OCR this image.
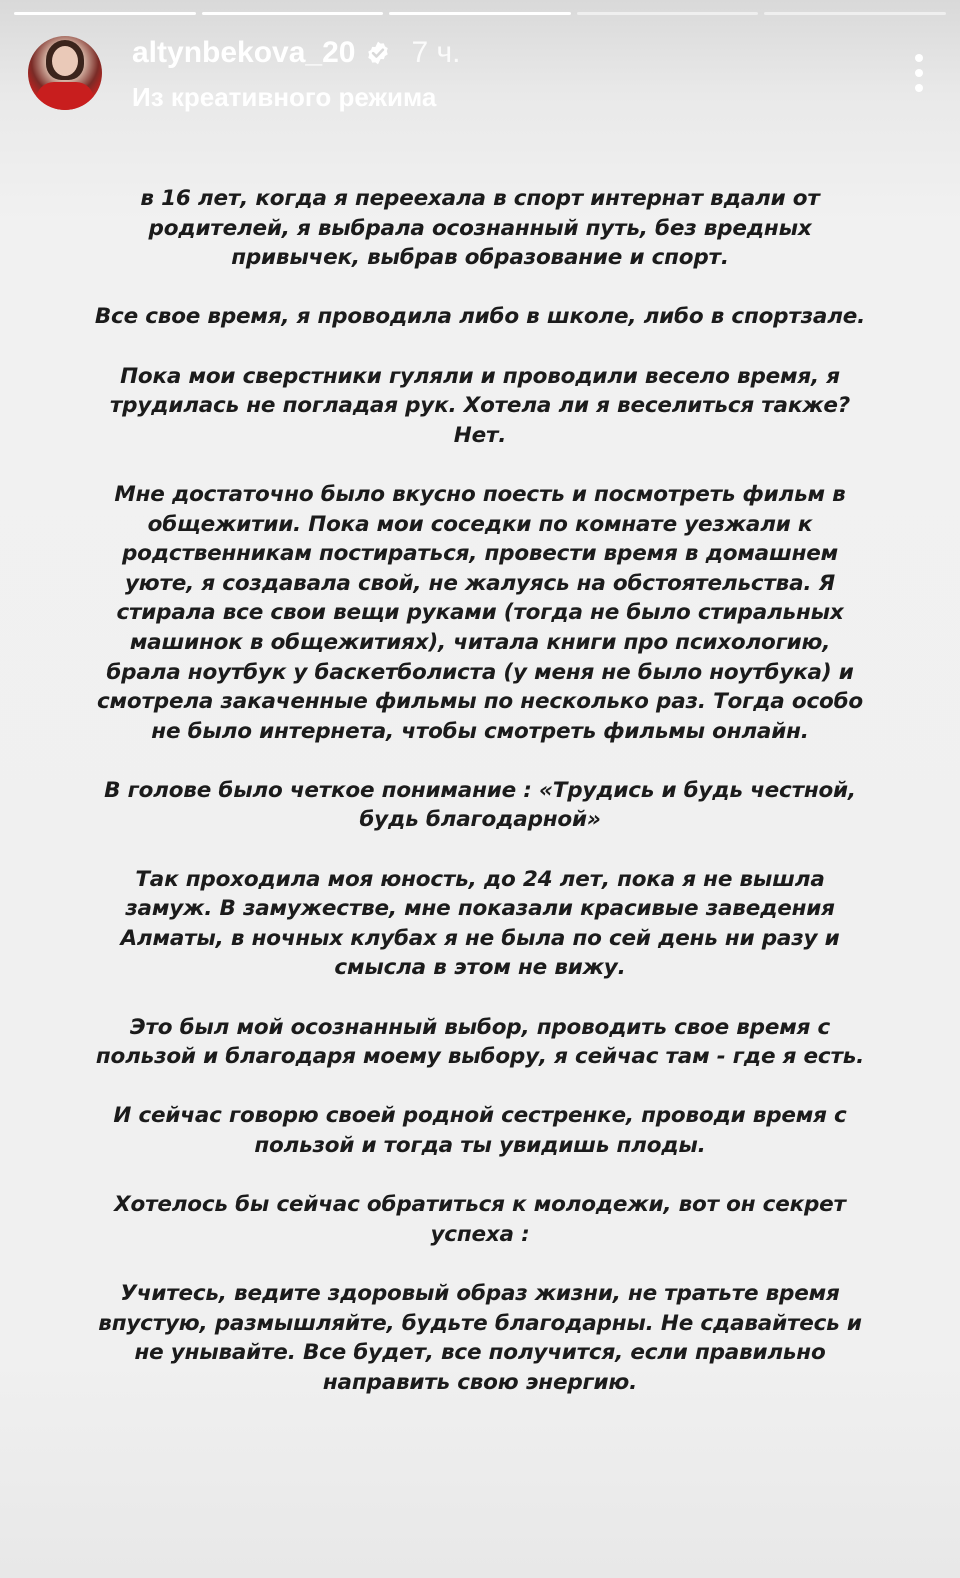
altynbekova_20 7 ч.
Из креативного режима

в 16 лет, когда я переехала в спорт интернат вдали от родителей, я выбрала осознанный путь, без вредных привычек, выбрав образование и спорт.

Все свое время, я проводила либо в школе, либо в спортзале.

Пока мои сверстники гуляли и проводили весело время, я трудилась не погладая рук. Хотела ли я веселиться также? Нет.

Мне достаточно было вкусно поесть и посмотреть фильм в общежитии. Пока мои соседки по комнате уезжали к родственникам постираться, провести время в домашнем уюте, я создавала свой, не жалуясь на обстоятельства. Я стирала все свои вещи руками (тогда не было стиральных машинок в общежитиях), читала книги про психологию, брала ноутбук у баскетболиста (у меня не было ноутбука) и смотрела закаченные фильмы по несколько раз. Тогда особо не было интернета, чтобы смотреть фильмы онлайн.

В голове было четкое понимание : «Трудись и будь честной, будь благодарной»

Так проходила моя юность, до 24 лет, пока я не вышла замуж. В замужестве, мне показали красивые заведения Алматы, в ночных клубах я не была по сей день ни разу и смысла в этом не вижу.

Это был мой осознанный выбор, проводить свое время с пользой и благодаря моему выбору, я сейчас там - где я есть.

И сейчас говорю своей родной сестренке, проводи время с пользой и тогда ты увидишь плоды.

Хотелось бы сейчас обратиться к молодежи, вот он секрет успеха :

Учитесь, ведите здоровый образ жизни, не тратьте время впустую, размышляйте, будьте благодарны. Не сдавайтесь и не унывайте. Все будет, все получится, если правильно направить свою энергию.
